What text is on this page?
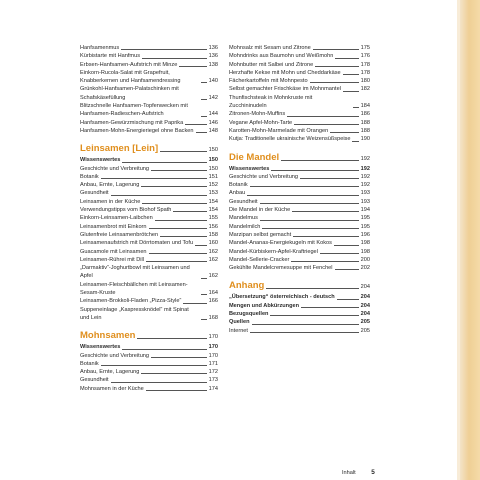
Hanfsamenmus	136
Kürbistarte mit Hanfmus	136
Erbsen-Hanfsamen-Aufstrich mit Minze	138
Einkorn-Rucola-Salat mit Grapefruit, Knabberkernen und Hanfsamendressing	140
Grünkohl-Hanfsamen-Palatschinken mit Schafskäsefüllung	142
Blitzschnelle Hanfsamen-Topfenwecken mit Hanfsamen-Radieschen-Aufstrich	144
Hanfsamen-Gewürzmischung mit Paprika	146
Hanfsamen-Mohn-Energieriegel ohne Backen	148
Leinsamen [Lein]	150
Wissenswertes	150
Geschichte und Verbreitung	150
Botanik	151
Anbau, Ernte, Lagerung	152
Gesundheit	153
Leinsamen in der Küche	154
Verwendungstipps vom Biohof Spath	154
Einkorn-Leinsamen-Laibchen	155
Leinsamenbrot mit Einkorn	156
Glutenfreie Leinsamenbrötchen	158
Leinsamenaufstrich mit Dörrtomaten und Tofu	160
Guacamole mit Leinsamen	162
Leinsamen-Rührei mit Dill	162
„Darmaktiv“-Joghurtbowl mit Leinsamen und Apfel	162
Leinsamen-Fleischbällchen mit Leinsamen-Sesam-Kruste	164
Leinsamen-Brokkoli-Fladen „Pizza-Style“	166
Suppeneinlage „Kaspressknödel“ mit Spinat und Lein	168
Mohnsamen	170
Wissenswertes	170
Geschichte und Verbreitung	170
Botanik	171
Anbau, Ernte, Lagerung	172
Gesundheit	173
Mohnsamen in der Küche	174
Mohnsalz mit Sesam und Zitrone	175
Mohndrinks aus Baumohn und Weißmohn	176
Mohnbutter mit Salbei und Zitrone	178
Herzhafte Kekse mit Mohn und Cheddarkäse	178
Fächerkartoffeln mit Mohnpesto	180
Selbst gemachter Frischkäse im Mohnmantel	182
Thunfischsteak in Mohnkruste mit Zucchininudeln	184
Zitronen-Mohn-Muffins	186
Vegane Apfel-Mohn-Tarte	188
Karotten-Mohn-Marmelade mit Orangen	188
Kutja: Traditionelle ukrainische Weizensüßspeise 190
Die Mandel	192
Wissenswertes	192
Geschichte und Verbreitung	192
Botanik	192
Anbau	193
Gesundheit	193
Die Mandel in der Küche	194
Mandelmus	195
Mandelmilch	195
Marzipan selbst gemacht	196
Mandel-Ananas-Energiekugeln mit Kokos	198
Mandel-Kürbiskern-Apfel-Kraftriegel	198
Mandel-Sellerie-Cracker	200
Gekühlte Mandelcremesuppe mit Fenchel	202
Anhang	204
„Übersetzung“ österreichisch - deutsch	204
Mengen und Abkürzungen	204
Bezugsquellen	204
Quellen	205
Internet	205
Inhalt 5
